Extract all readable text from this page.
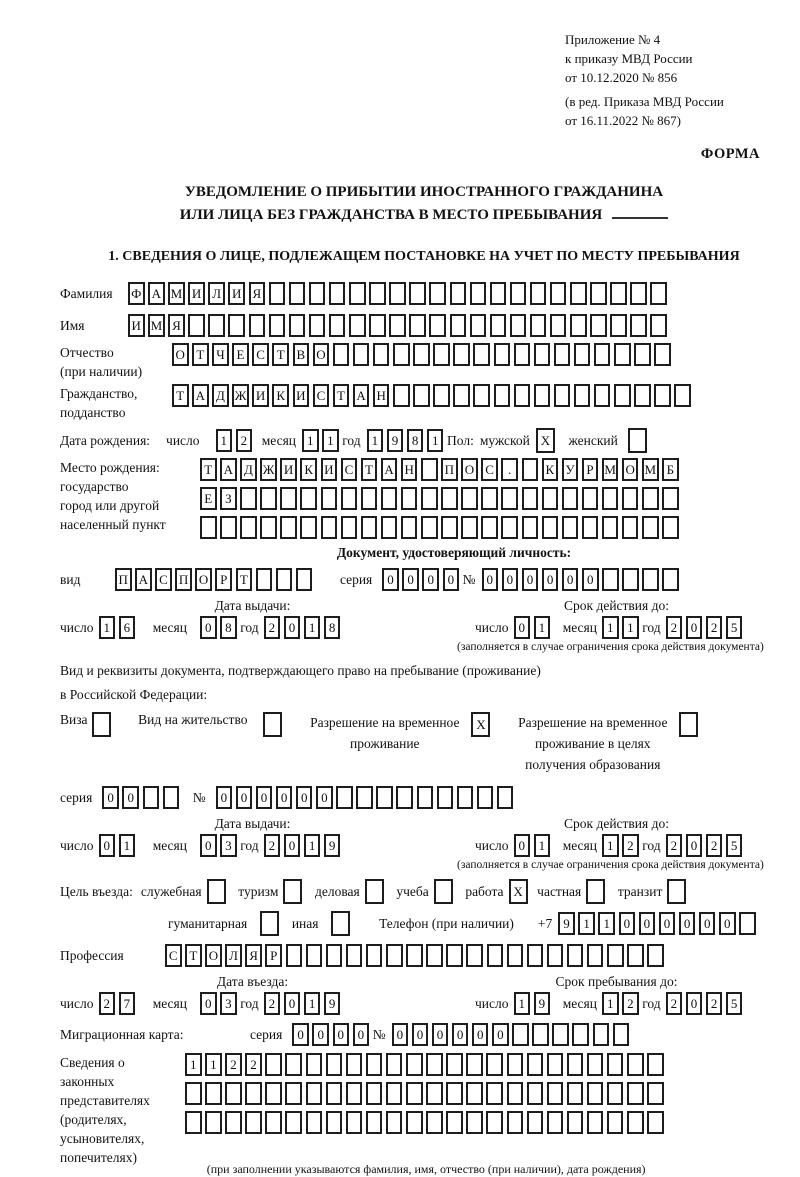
Приложение № 4
к приказу МВД России
от 10.12.2020 № 856
(в ред. Приказа МВД России
от 16.11.2022 № 867)
ФОРМА
УВЕДОМЛЕНИЕ О ПРИБЫТИИ ИНОСТРАННОГО ГРАЖДАНИНА
ИЛИ ЛИЦА БЕЗ ГРАЖДАНСТВА В МЕСТО ПРЕБЫВАНИЯ
1. СВЕДЕНИЯ О ЛИЦЕ, ПОДЛЕЖАЩЕМ ПОСТАНОВКЕ НА УЧЕТ ПО МЕСТУ ПРЕБЫВАНИЯ
Фамилия	Ф А М И Л И Я
Имя	И М Я
Отчество
(при наличии)
О Т Ч Е С Т В О
Гражданство,
подданство
Т А Д Ж И К И С Т А Н
Дата рождения: число	1	2	месяц 1	1 год 1	9	8	1 Пол: мужской X	женский
Место рождения:
государство
город или другой
населенный пункт
Т А Д Ж И К И С Т А Н П О С	.	К У Р М О М Б
Е З
Документ, удостоверяющий личность:
вид	П А С П О Р Т	серия	0	0	0	0 № 0	0	0	0	0	0
Дата выдачи:
число 1	6	месяц	0	8 год 2	0	1	8
Срок действия до:
число 0	1	месяц 1	1 год 2	0	2	5
(заполняется в случае ограничения срока действия документа)
Вид и реквизиты документа, подтверждающего право на пребывание (проживание)
в Российской Федерации:
Виза	Вид на жительство	Разрешение на временное
проживание
X	Разрешение на временное
проживание в целях
получения образования
серия	0	0	№	0	0	0	0	0	0
Дата выдачи:
число 0	1	месяц	0	3 год 2	0	1	9
Срок действия до:
число 0	1	месяц 1	2 год 2	0	2	5
(заполняется в случае ограничения срока действия документа)
Цель въезда: служебная	туризм	деловая	учеба	работа X	частная	транзит
гуманитарная	иная	Телефон (при наличии) +7 9	1	1	0	0	0	0	0	0
Профессия	С Т О Л Я Р
Дата въезда:
число 2	7	месяц	0	3 год 2	0	1	9
Срок пребывания до:
число 1	9	месяц 1	2 год 2	0	2	5
Миграционная карта:	серия	0	0	0	0 № 0	0	0	0	0	0
Сведения о
законных
представителях
(родителях,
усыновителях,
попечителях)
1	1	2	2
(при заполнении указываются фамилия, имя, отчество (при наличии), дата рождения)
